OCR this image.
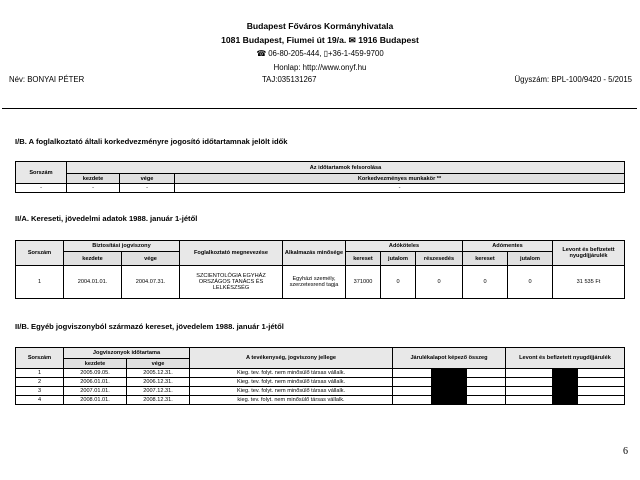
Budapest Főváros Kormányhivatala
1081 Budapest, Fiumei út 19/a. ✉ 1916 Budapest
☎ 06-80-205-444, ▯+36-1-459-9700
Honlap: http://www.onyf.hu
Név: BONYAI PÉTER	TAJ:035131267	Ügyszám: BPL-100/9420 - 5/2015
I/B. A foglalkoztató általi korkedvezményre jogosító időtartamnak jelölt idők
Sorszám	Az időtartamok felsorolása		
	kezdete	vége	Korkedvezményes munkakör **
-	-	-	-
II/A. Kereseti, jövedelmi adatok 1988. január 1-jétől
Sorszám	Biztosítási jogviszony		Foglalkoztató megnevezése	Alkalmazás minősége	Adóköteles			Adómentes		Levont és befizetett nyugdíjjárulék
	kezdete	vége			kereset	jutalom	részesedés	kereset	jutalom	
1	2004.01.01.	2004.07.31.	SZCIENTOLÓGIA EGYHÁZ ORSZÁGOS TANÁCS ÉS LELKÉSZSÉG	Egyházi személy, szerzetesrend tagja	371000	0	0	0	0	31 535 Ft
II/B. Egyéb jogviszonyból származó kereset, jövedelem 1988. január 1-jétől
Sorszám	Jogviszonyok időtartama		A tevékenység, jogviszony jellege	Járulékalapot képező összeg	Levont és befizetett nyugdíjjárulék
	kezdete	vége			
1	2005.09.05.	2005.12.31.	Kieg. tev. folyt. nem minősülő társas vállalk.		
2	2006.01.01.	2006.12.31.	Kieg. tev. folyt. nem minősülő társas vállalk.		
3	2007.01.01.	2007.12.31.	Kieg. tev. folyt. nem minősülő társas vállalk.		
4	2008.01.01.	2008.12.31.	kieg. tev. folyt. nem minősülő társas vállalk.		
6
